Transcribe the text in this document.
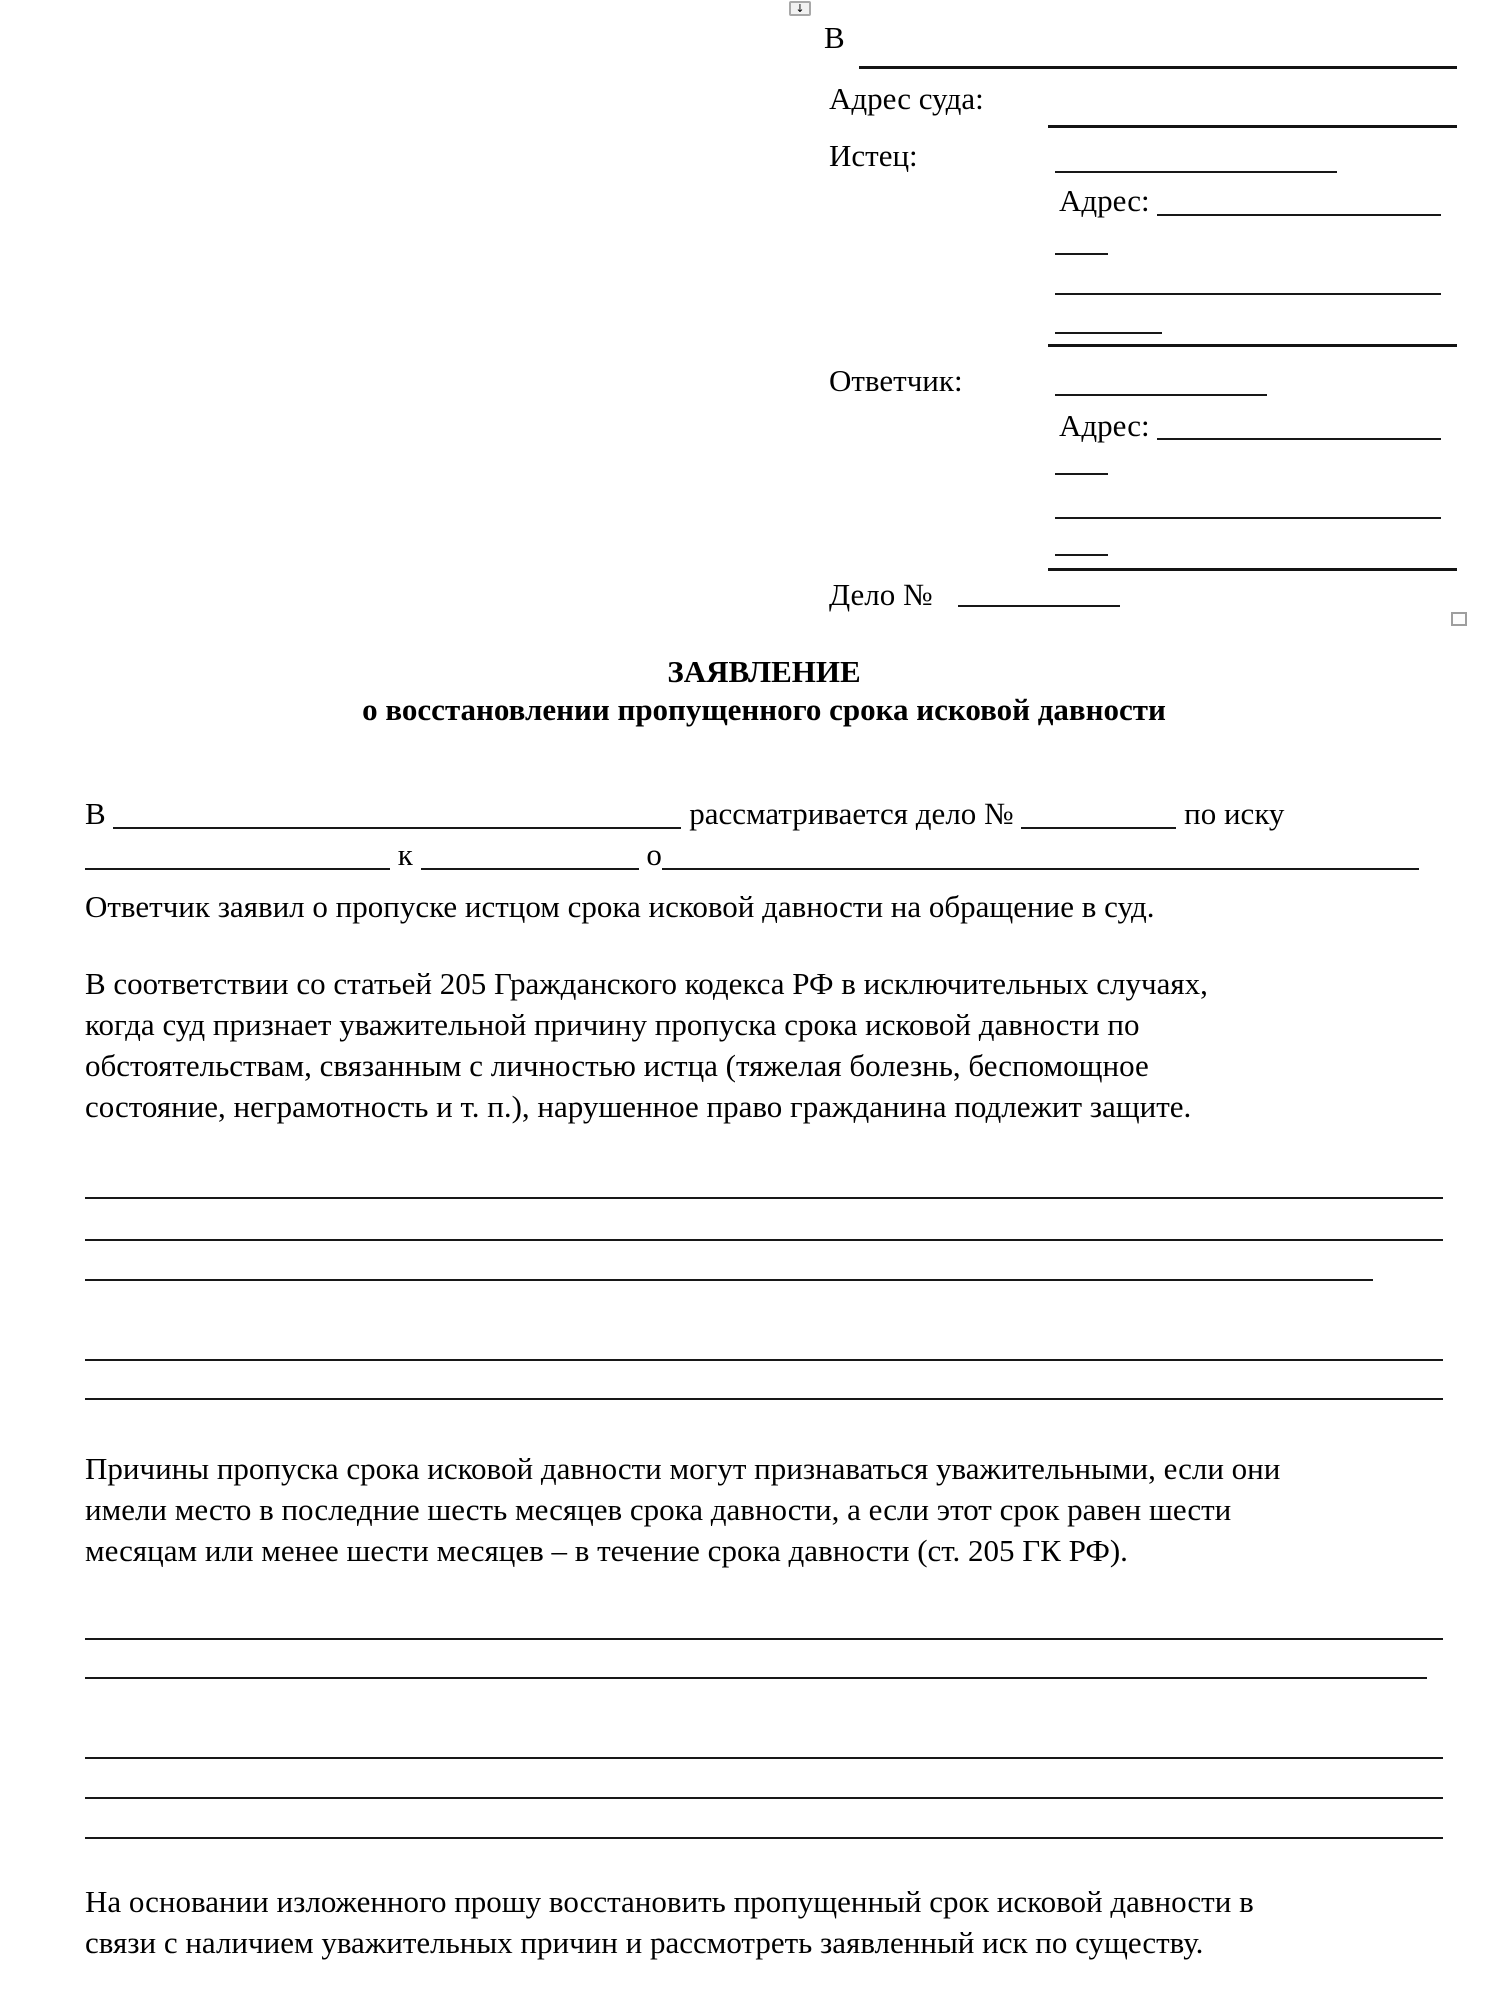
↓
В
Адрес суда:
Истец:
Адрес:
Ответчик:
Адрес:
Дело №
ЗАЯВЛЕНИЕ
о восстановлении пропущенного срока исковой давности
В	рассматривается дело №	по иску
к	о
Ответчик заявил о пропуске истцом срока исковой давности на обращение в суд.
В соответствии со статьей 205 Гражданского кодекса РФ в исключительных случаях,
когда суд признает уважительной причину пропуска срока исковой давности по
обстоятельствам, связанным с личностью истца (тяжелая болезнь, беспомощное
состояние, неграмотность и т. п.), нарушенное право гражданина подлежит защите.
Причины пропуска срока исковой давности могут признаваться уважительными, если они
имели место в последние шесть месяцев срока давности, а если этот срок равен шести
месяцам или менее шести месяцев – в течение срока давности (ст. 205 ГК РФ).
На основании изложенного прошу восстановить пропущенный срок исковой давности в
связи с наличием уважительных причин и рассмотреть заявленный иск по существу.
